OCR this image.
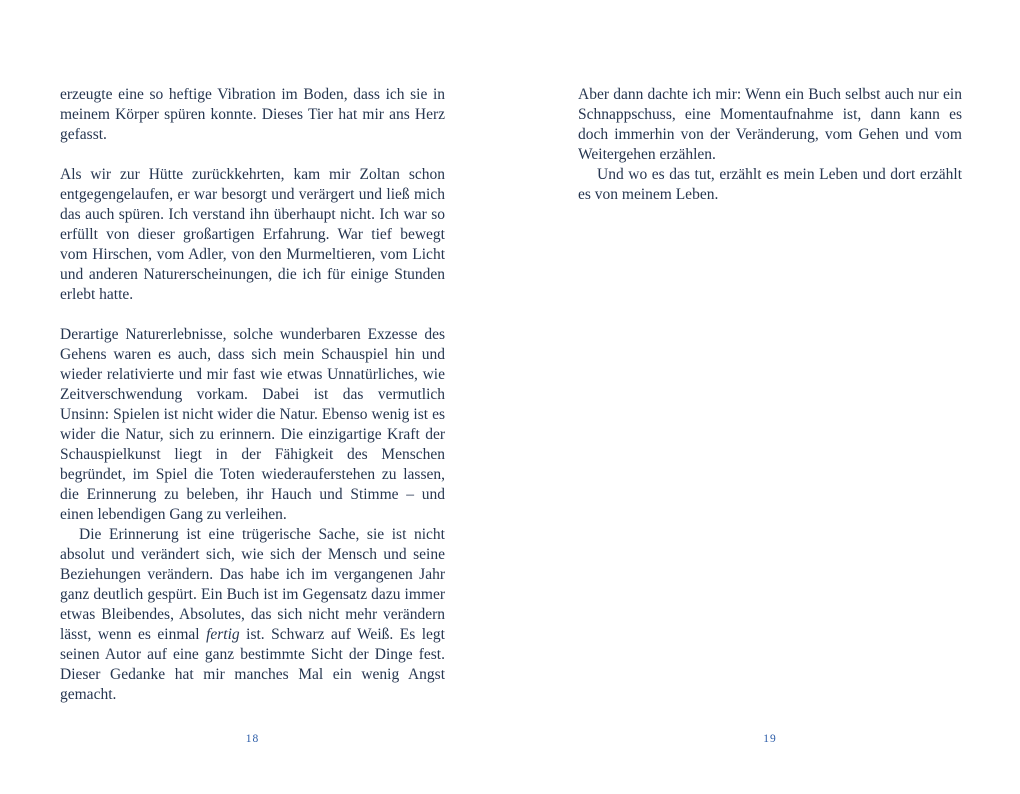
erzeugte eine so heftige Vibration im Boden, dass ich sie in meinem Körper spüren konnte. Dieses Tier hat mir ans Herz gefasst.

Als wir zur Hütte zurückkehrten, kam mir Zoltan schon entgegengelaufen, er war besorgt und verärgert und ließ mich das auch spüren. Ich verstand ihn überhaupt nicht. Ich war so erfüllt von dieser großartigen Erfahrung. War tief bewegt vom Hirschen, vom Adler, von den Murmeltieren, vom Licht und anderen Naturerscheinungen, die ich für einige Stunden erlebt hatte.

Derartige Naturerlebnisse, solche wunderbaren Exzesse des Gehens waren es auch, dass sich mein Schauspiel hin und wieder relativierte und mir fast wie etwas Unnatürliches, wie Zeitverschwendung vorkam. Dabei ist das vermutlich Unsinn: Spielen ist nicht wider die Natur. Ebenso wenig ist es wider die Natur, sich zu erinnern. Die einzigartige Kraft der Schauspielkunst liegt in der Fähigkeit des Menschen begründet, im Spiel die Toten wiederauferstehen zu lassen, die Erinnerung zu beleben, ihr Hauch und Stimme – und einen lebendigen Gang zu verleihen.

Die Erinnerung ist eine trügerische Sache, sie ist nicht absolut und verändert sich, wie sich der Mensch und seine Beziehungen verändern. Das habe ich im vergangenen Jahr ganz deutlich gespürt. Ein Buch ist im Gegensatz dazu immer etwas Bleibendes, Absolutes, das sich nicht mehr verändern lässt, wenn es einmal fertig ist. Schwarz auf Weiß. Es legt seinen Autor auf eine ganz bestimmte Sicht der Dinge fest. Dieser Gedanke hat mir manches Mal ein wenig Angst gemacht.

18

Aber dann dachte ich mir: Wenn ein Buch selbst auch nur ein Schnappschuss, eine Momentaufnahme ist, dann kann es doch immerhin von der Veränderung, vom Gehen und vom Weitergehen erzählen.

Und wo es das tut, erzählt es mein Leben und dort erzählt es von meinem Leben.

19
